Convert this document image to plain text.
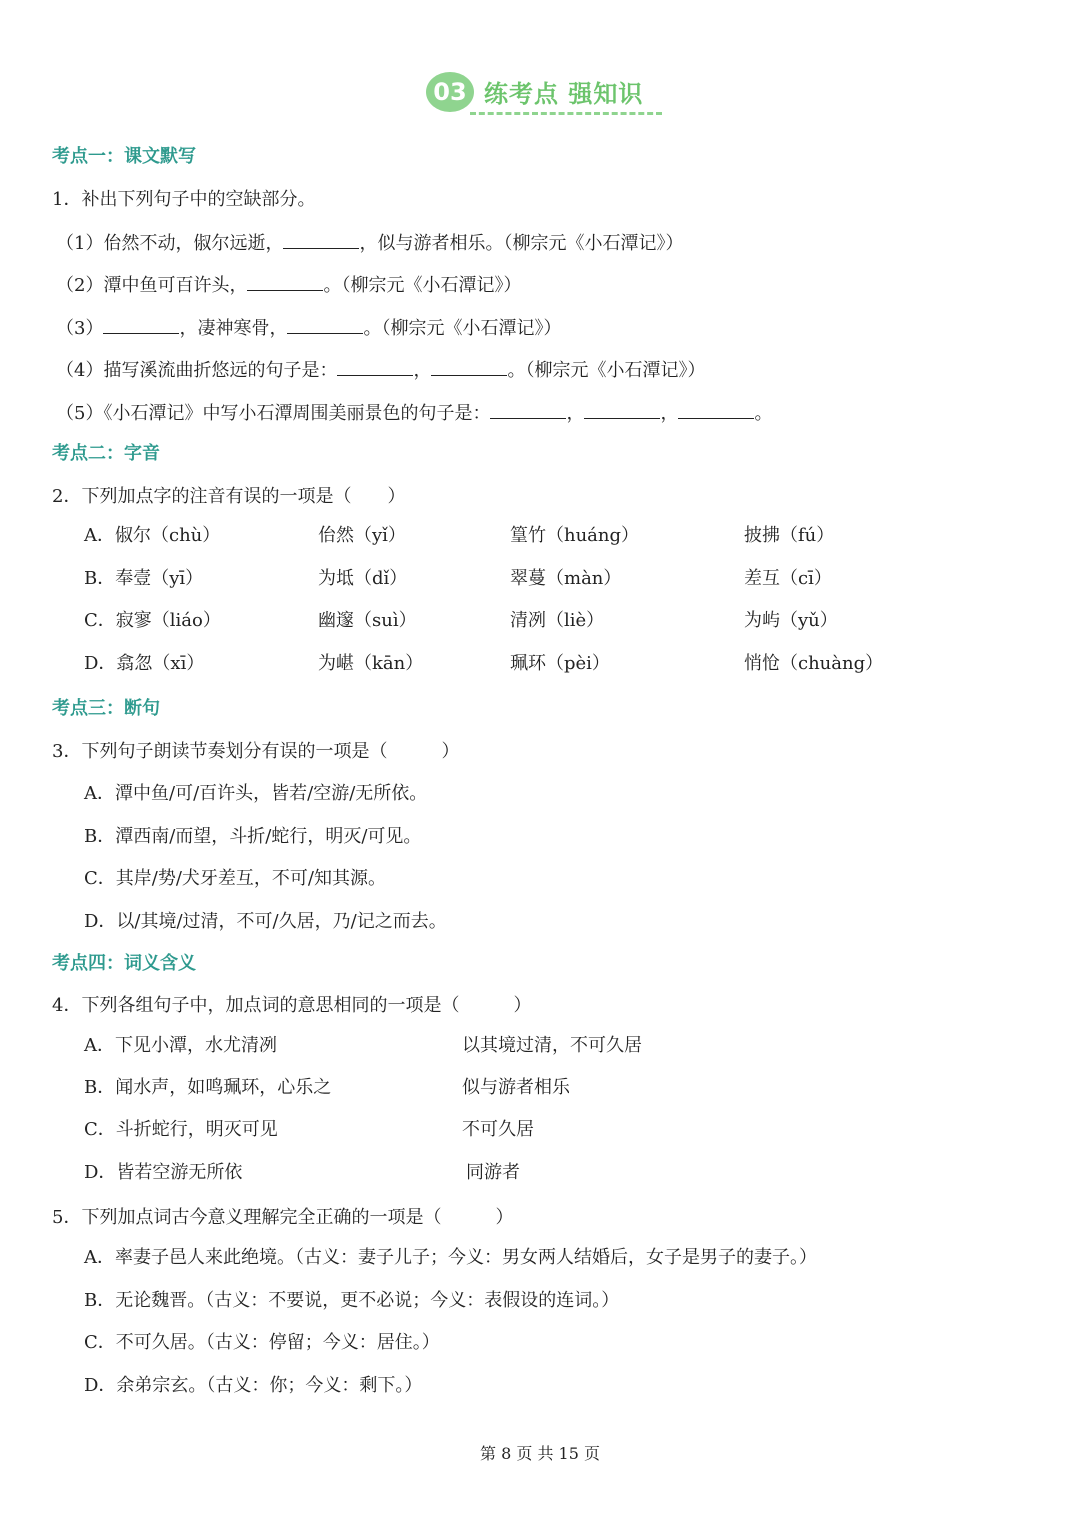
03 练考点 强知识
考点一：课文默写
1．补出下列句子中的空缺部分。
（1）佁然不动，俶尔远逝，	，似与游者相乐。（柳宗元《小石潭记》）
（2）潭中鱼可百许头，	。（柳宗元《小石潭记》）
（3）	，凄神寒骨，	。（柳宗元《小石潭记》）
（4）描写溪流曲折悠远的句子是：	，	。（柳宗元《小石潭记》）
（5）《小石潭记》中写小石潭周围美丽景色的句子是：	，	，	。
考点二：字音
2．下列加点字的注音有误的一项是（　　）
A．俶尔（chù）	佁然（yǐ）	篁竹（huáng）	披拂（fú）
B．奉壹（yī）	为坻（dǐ）	翠蔓（màn）	差互（cī）
C．寂寥（liáo）	幽邃（suì）	清冽（liè）	为屿（yǔ）
D．翕忽（xī）	为嵁（kān）	珮环（pèi）	悄怆（chuàng）
考点三：断句
3．下列句子朗读节奏划分有误的一项是（　　　）
A．潭中鱼/可/百许头，皆若/空游/无所依。
B．潭西南/而望，斗折/蛇行，明灭/可见。
C．其岸/势/犬牙差互，不可/知其源。
D．以/其境/过清，不可/久居，乃/记之而去。
考点四：词义含义
4．下列各组句子中，加点词的意思相同的一项是（　　　）
A．下见小潭，水尤清冽	以其境过清，不可久居
B．闻水声，如鸣珮环，心乐之	似与游者相乐
C．斗折蛇行，明灭可见	不可久居
D．皆若空游无所依	同游者
5．下列加点词古今意义理解完全正确的一项是（　　　）
A．率妻子邑人来此绝境。（古义：妻子儿子；今义：男女两人结婚后，女子是男子的妻子。）
B．无论魏晋。（古义：不要说，更不必说；今义：表假设的连词。）
C．不可久居。（古义：停留；今义：居住。）
D．余弟宗玄。（古义：你；今义：剩下。）
第 8 页 共 15 页
